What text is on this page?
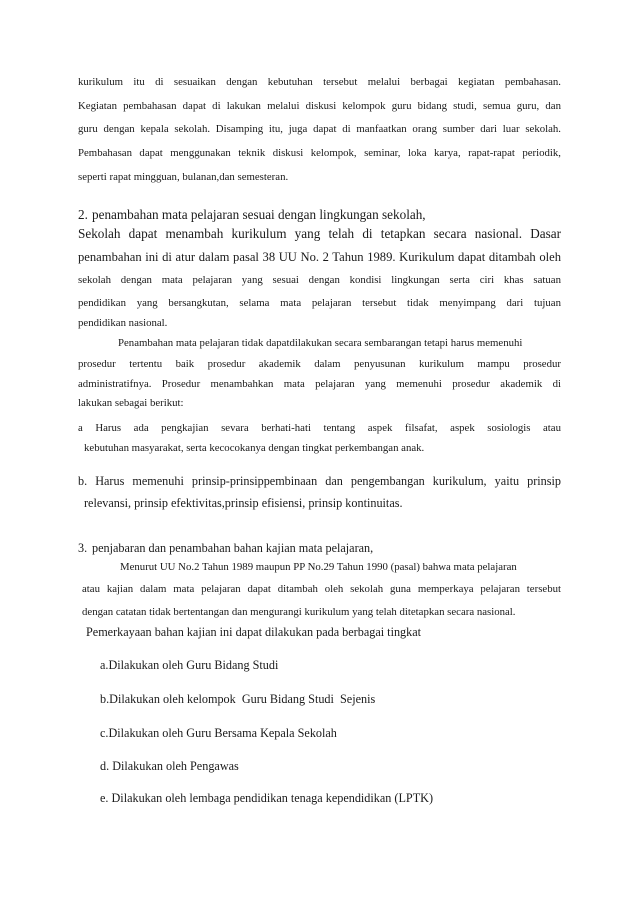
kurikulum itu di sesuaikan dengan kebutuhan tersebut melalui berbagai kegiatan pembahasan.
Kegiatan pembahasan dapat di lakukan melalui diskusi kelompok guru bidang studi, semua guru, dan
guru dengan kepala sekolah. Disamping itu, juga dapat di manfaatkan orang sumber dari luar sekolah.
Pembahasan dapat menggunakan teknik diskusi kelompok, seminar, loka karya, rapat-rapat periodik,
seperti rapat mingguan, bulanan,dan semesteran.
2. penambahan mata pelajaran sesuai dengan lingkungan sekolah,
Sekolah dapat menambah kurikulum yang telah di tetapkan secara nasional. Dasar
penambahan ini di atur dalam pasal 38 UU No. 2 Tahun 1989. Kurikulum dapat ditambah oleh
sekolah dengan mata pelajaran yang sesuai dengan kondisi lingkungan serta ciri khas satuan
pendidikan yang bersangkutan, selama mata pelajaran tersebut tidak menyimpang dari tujuan
pendidikan nasional.
Penambahan mata pelajaran tidak dapatdilakukan secara sembarangan tetapi harus memenuhi
prosedur tertentu baik prosedur akademik dalam penyusunan kurikulum mampu prosedur
administratifnya. Prosedur menambahkan mata pelajaran yang memenuhi prosedur akademik di
lakukan sebagai berikut:
a Harus ada pengkajian sevara berhati-hati tentang aspek filsafat, aspek sosiologis atau
kebutuhan masyarakat, serta kecocokanya dengan tingkat perkembangan anak.
b. Harus memenuhi prinsip-prinsippembinaan dan pengembangan kurikulum, yaitu prinsip
relevansi, prinsip efektivitas,prinsip efisiensi, prinsip kontinuitas.
3. penjabaran dan penambahan bahan kajian mata pelajaran,
Menurut UU No.2 Tahun 1989 maupun PP No.29 Tahun 1990 (pasal) bahwa mata pelajaran
atau kajian dalam mata pelajaran dapat ditambah oleh sekolah guna memperkaya pelajaran tersebut
dengan catatan tidak bertentangan dan mengurangi kurikulum yang telah ditetapkan secara nasional.
Pemerkayaan bahan kajian ini dapat dilakukan pada berbagai tingkat
a.Dilakukan oleh Guru Bidang Studi
b.Dilakukan oleh kelompok  Guru Bidang Studi  Sejenis
c.Dilakukan oleh Guru Bersama Kepala Sekolah
d. Dilakukan oleh Pengawas
e. Dilakukan oleh lembaga pendidikan tenaga kependidikan (LPTK)
